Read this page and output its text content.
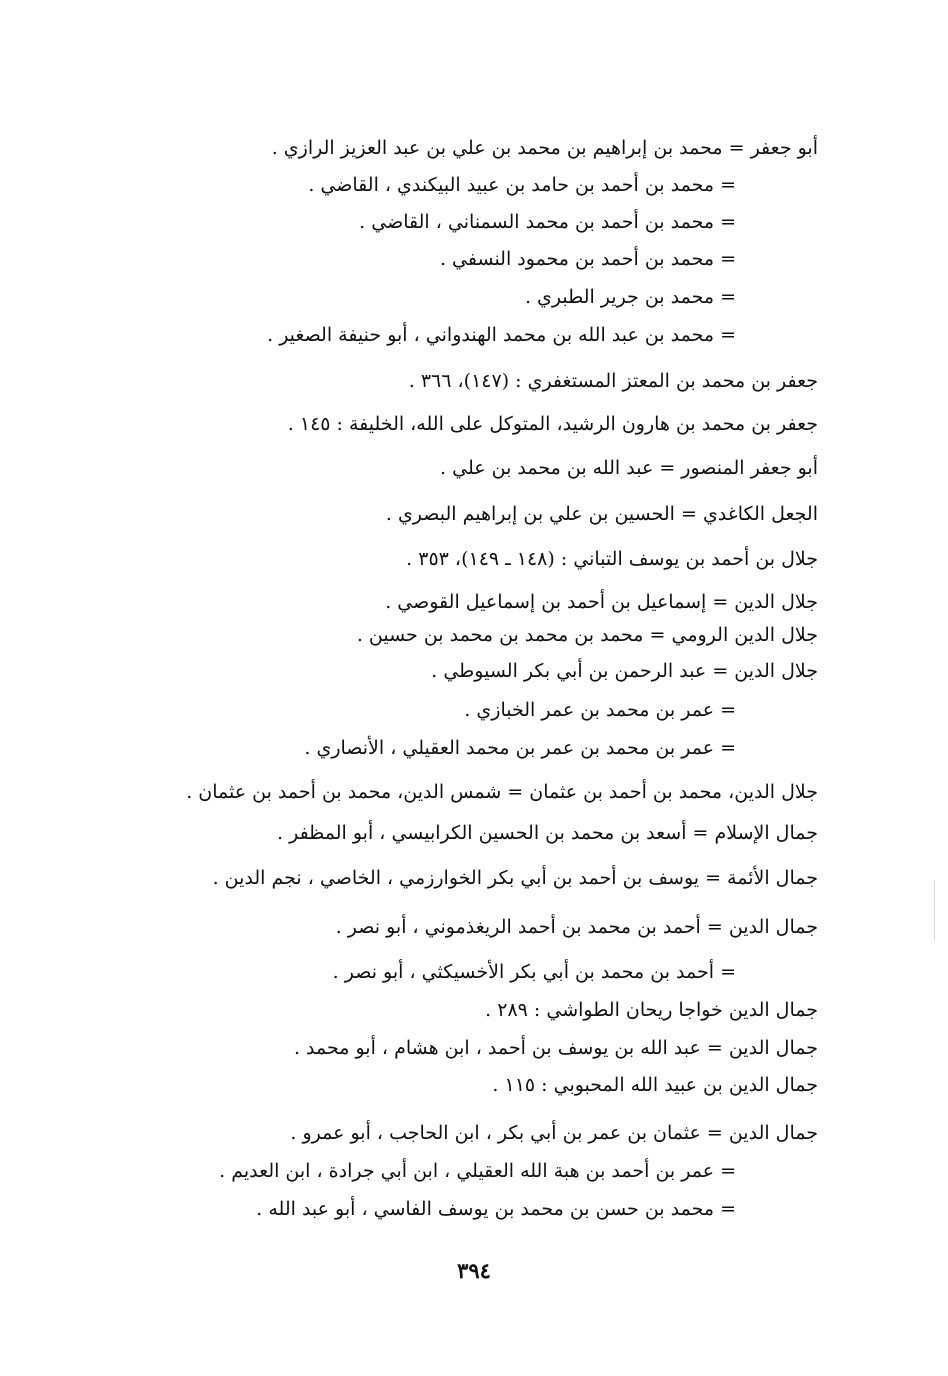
أبو جعفر = محمد بن إبراهيم بن محمد بن علي بن عبد العزيز الرازي .
= محمد بن أحمد بن حامد بن عبيد البيكندي ، القاضي .
= محمد بن أحمد بن محمد السمناني ، القاضي .
= محمد بن أحمد بن محمود النسفي .
= محمد بن جرير الطبري .
= محمد بن عبد الله بن محمد الهندواني ، أبو حنيفة الصغير .
جعفر بن محمد بن المعتز المستغفري : (١٤٧)، ٣٦٦ .
جعفر بن محمد بن هارون الرشيد، المتوكل على الله، الخليفة : ١٤٥ .
أبو جعفر المنصور = عبد الله بن محمد بن علي .
الجعل الكاغدي = الحسين بن علي بن إبراهيم البصري .
جلال بن أحمد بن يوسف التباني : (١٤٨ ـ ١٤٩)، ٣٥٣ .
جلال الدين = إسماعيل بن أحمد بن إسماعيل القوصي .
جلال الدين الرومي = محمد بن محمد بن محمد بن حسين .
جلال الدين = عبد الرحمن بن أبي بكر السيوطي .
= عمر بن محمد بن عمر الخبازي .
= عمر بن محمد بن عمر بن محمد العقيلي ، الأنصاري .
جلال الدين، محمد بن أحمد بن عثمان = شمس الدين، محمد بن أحمد بن عثمان .
جمال الإسلام = أسعد بن محمد بن الحسين الكرابيسي ، أبو المظفر .
جمال الأئمة = يوسف بن أحمد بن أبي بكر الخوارزمي ، الخاصي ، نجم الدين .
جمال الدين = أحمد بن محمد بن أحمد الريغذموني ، أبو نصر .
= أحمد بن محمد بن أبي بكر الأخسيكثي ، أبو نصر .
جمال الدين خواجا ريحان الطواشي : ٢٨٩ .
جمال الدين = عبد الله بن يوسف بن أحمد ، ابن هشام ، أبو محمد .
جمال الدين بن عبيد الله المحبوبي : ١١٥ .
جمال الدين = عثمان بن عمر بن أبي بكر ، ابن الحاجب ، أبو عمرو .
= عمر بن أحمد بن هبة الله العقيلي ، ابن أبي جرادة ، ابن العديم .
= محمد بن حسن بن محمد بن يوسف الفاسي ، أبو عبد الله .
٣٩٤
